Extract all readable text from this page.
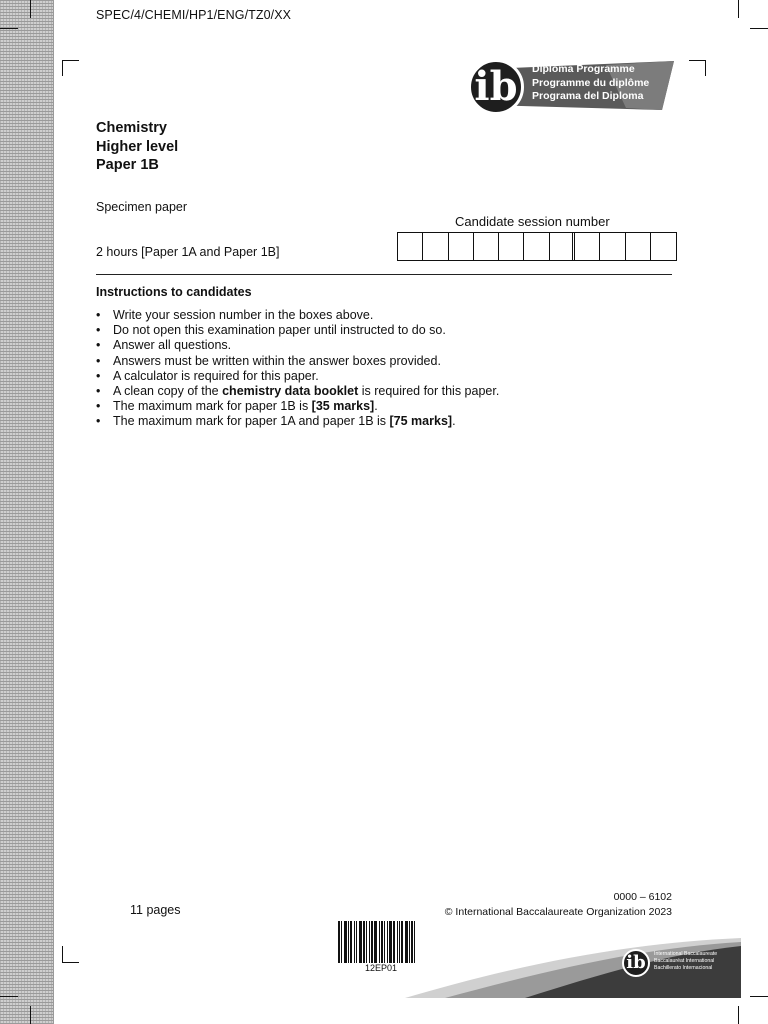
SPEC/4/CHEMI/HP1/ENG/TZ0/XX
ib	Diploma Programme
Programme du diplôme
Programa del Diploma
Chemistry
Higher level
Paper 1B
Specimen paper
Candidate session number
2 hours [Paper 1A and Paper 1B]
Instructions to candidates
• Write your session number in the boxes above.
• Do not open this examination paper until instructed to do so.
• Answer all questions.
• Answers must be written within the answer boxes provided.
• A calculator is required for this paper.
• A clean copy of the chemistry data booklet is required for this paper.
• The maximum mark for paper 1B is [35 marks].
• The maximum mark for paper 1A and paper 1B is [75 marks].
11 pages
0000 – 6102
© International Baccalaureate Organization 2023
12EP01	ib	International Baccalaureate
Baccalauréat International
Bachillerato Internacional
